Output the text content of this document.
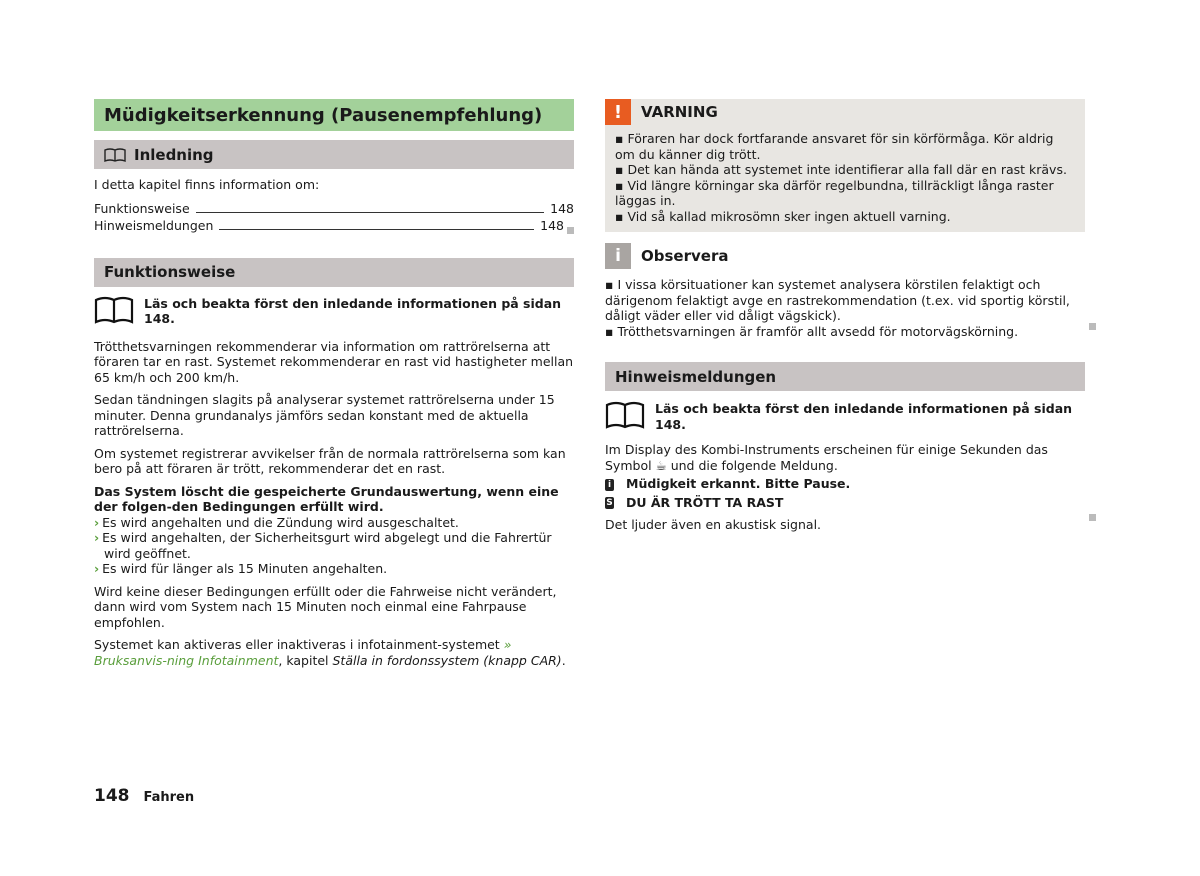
Müdigkeitserkennung (Pausenempfehlung)
Inledning

I detta kapitel finns information om:

Funktionsweise	148
Hinweismeldungen	148
Funktionsweise

Läs och beakta först den inledande informationen på sidan 148.

Trötthetsvarningen rekommenderar via information om rattrörelserna att föraren tar en rast. Systemet rekommenderar en rast vid hastigheter mellan 65 km/h och 200 km/h.

Sedan tändningen slagits på analyserar systemet rattrörelserna under 15 minuter. Denna grundanalys jämförs sedan konstant med de aktuella rattrörelserna.

Om systemet registrerar avvikelser från de normala rattrörelserna som kan bero på att föraren är trött, rekommenderar det en rast.

Das System löscht die gespeicherte Grundauswertung, wenn eine der folgen-den Bedingungen erfüllt wird.

› Es wird angehalten und die Zündung wird ausgeschaltet.

› Es wird angehalten, der Sicherheitsgurt wird abgelegt und die Fahrertür wird geöffnet.

› Es wird für länger als 15 Minuten angehalten.

Wird keine dieser Bedingungen erfüllt oder die Fahrweise nicht verändert, dann wird vom System nach 15 Minuten noch einmal eine Fahrpause empfohlen.

Systemet kan aktiveras eller inaktiveras i infotainment-systemet » Bruksanvis-ning Infotainment, kapitel Ställa in fordonssystem (knapp CAR).

!	VARNING

▪ Föraren har dock fortfarande ansvaret för sin körförmåga. Kör aldrig om du känner dig trött.

▪ Det kan hända att systemet inte identifierar alla fall där en rast krävs.

▪ Vid längre körningar ska därför regelbundna, tillräckligt långa raster läggas in.

▪ Vid så kallad mikrosömn sker ingen aktuell varning.

i	Observera

▪ I vissa körsituationer kan systemet analysera körstilen felaktigt och därigenom felaktigt avge en rastrekommendation (t.ex. vid sportig körstil, dåligt väder eller vid dåligt vägskick).

▪ Trötthetsvarningen är framför allt avsedd för motorvägskörning.

Hinweismeldungen

Läs och beakta först den inledande informationen på sidan 148.

Im Display des Kombi-Instruments erscheinen für einige Sekunden das Symbol ☕ und die folgende Meldung.

i Müdigkeit erkannt. Bitte Pause.

S DU ÄR TRÖTT TA RAST

Det ljuder även en akustisk signal.

148 Fahren
